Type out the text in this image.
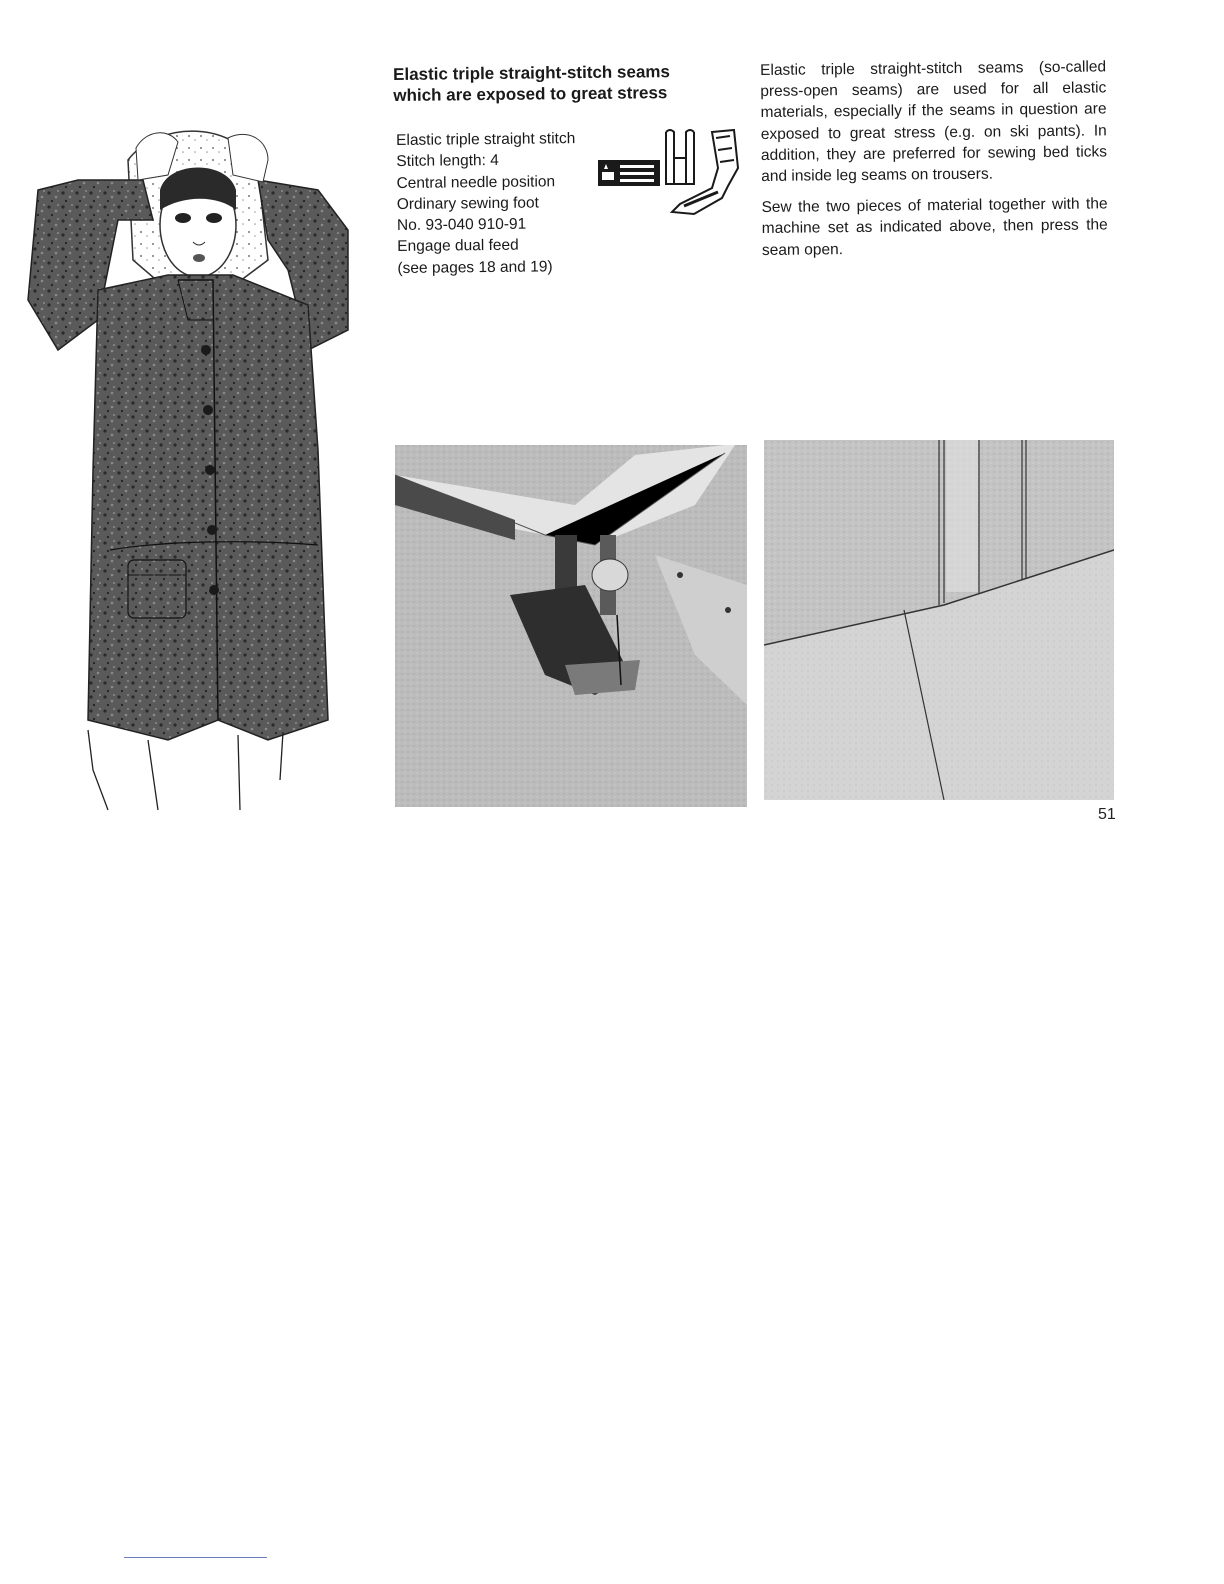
Elastic triple straight-stitch seams
which are exposed to great stress
Elastic triple straight stitch
Stitch length: 4
Central needle position
Ordinary sewing foot
No. 93-040 910-91
Engage dual feed
(see pages 18 and 19)

Elastic triple straight-stitch seams (so-called press-open seams) are used for all elastic materials, especially if the seams in question are exposed to great stress (e.g. on ski pants). In addition, they are preferred for sewing bed ticks and inside leg seams on trousers.

Sew the two pieces of material together with the machine set as indicated above, then press the seam open.

51
